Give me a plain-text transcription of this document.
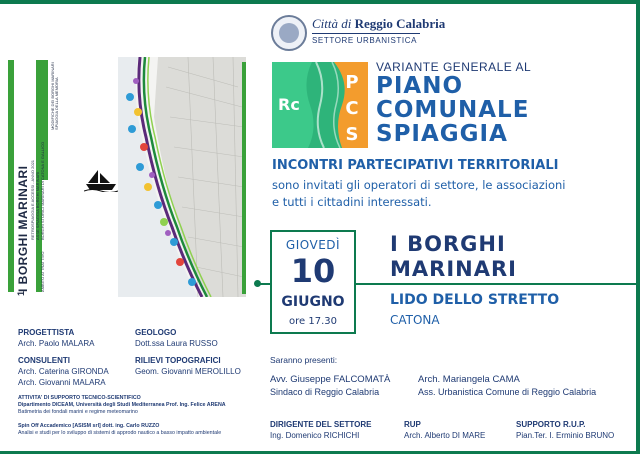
I BORGHI MARINARI RETROSPIAGGIA E ACCESSI - ANNO 2021 ASSE SPIAGGIA BORGHI MARINARI BORGHI STORICI MARINARI DI CATONA E GALLICO
AMBITO ATTRATTIVO
MODIFICHE DEI BORGHI MARINARI SPIAGGIA DELLA MEMORIA
1
Città di Reggio Calabria
SETTORE URBANISTICA
Rc
P
C
S
VARIANTE GENERALE AL
PIANO
COMUNALE
SPIAGGIA
INCONTRI PARTECIPATIVI TERRITORIALI
sono invitati gli operatori di settore, le associazioni
e tutti i cittadini interessati.
GIOVEDÌ
10
GIUGNO
ore 17.30
I BORGHI
MARINARI
LIDO DELLO STRETTO
CATONA
PROGETTISTA
Arch. Paolo MALARA
CONSULENTI
Arch. Caterina GIRONDA
Arch. Giovanni MALARA
GEOLOGO
Dott.ssa Laura RUSSO
RILIEVI TOPOGRAFICI
Geom. Giovanni MEROLILLO
ATTIVITA' DI SUPPORTO TECNICO-SCIENTIFICO
Dipartimento DICEAM, Università degli Studi Mediterranea Prof. Ing. Felice ARENA
Batimetria dei fondali marini e regime meteomarino
Spin Off Accademico [ASISM srl] dott. ing. Carlo RUZZO
Analisi e studi per lo sviluppo di sistemi di approdo nautico a basso impatto ambientale
Saranno presenti:
Avv. Giuseppe FALCOMATÀ
Sindaco di Reggio Calabria
Arch. Mariangela CAMA
Ass. Urbanistica Comune di Reggio Calabria
DIRIGENTE DEL SETTORE
Ing. Domenico RICHICHI
RUP
Arch. Alberto DI MARE
SUPPORTO R.U.P.
Pian.Ter. I. Erminio BRUNO
